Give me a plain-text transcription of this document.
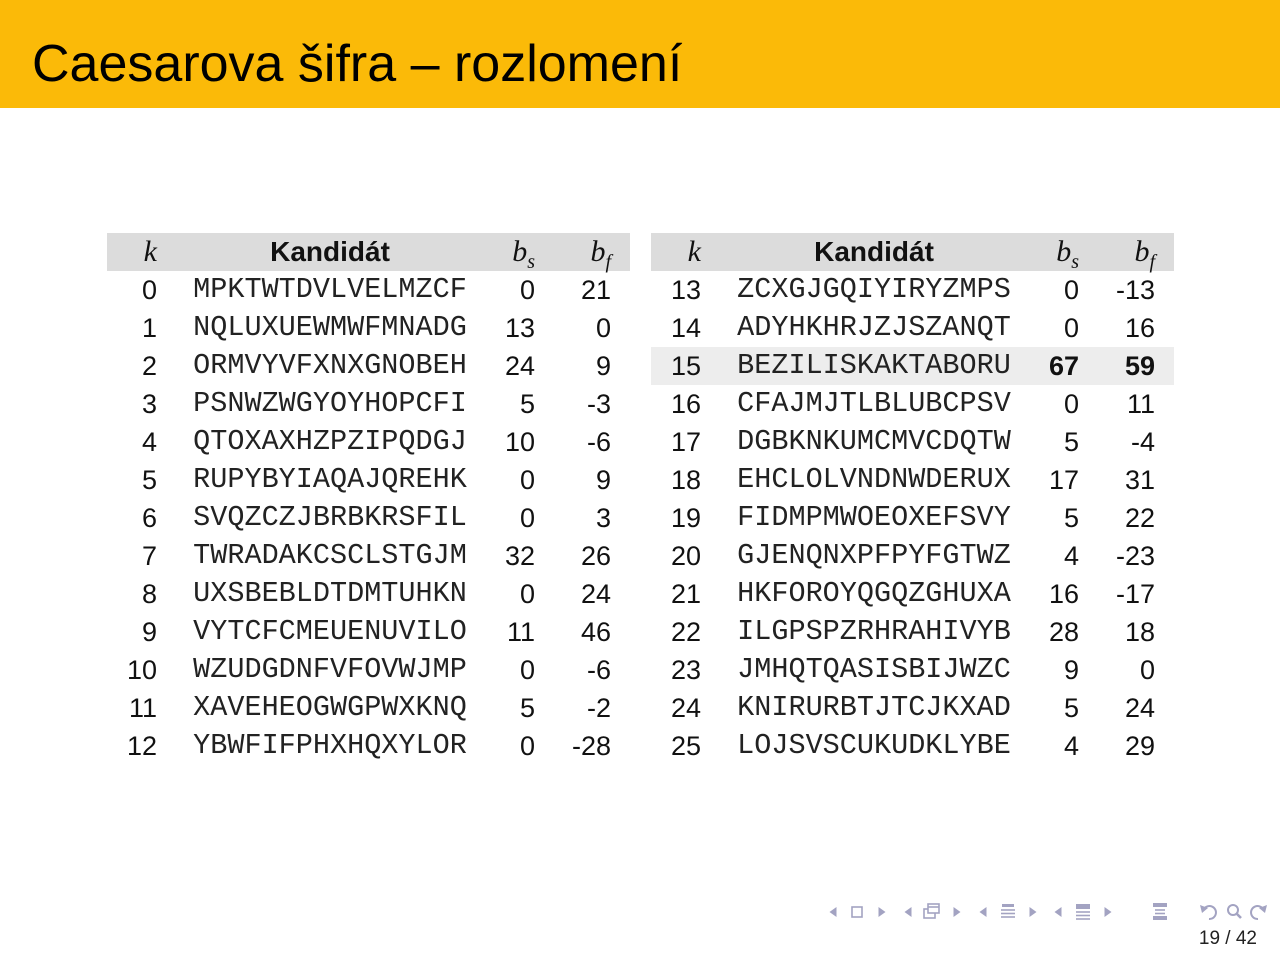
Caesarova šifra – rozlomení
k	Kandidát	bs	bf
0 MPKTWTDVLVELMZCF	0	21
1 NQLUXUEWMWFMNADG	13	0
2 ORMVYVFXNXGNOBEH	24	9
3 PSNWZWGYOYHOPCFI	5	-3
4 QTOXAXHZPZIPQDGJ	10	-6
5 RUPYBYIAQAJQREHK	0	9
6 SVQZCZJBRBKRSFIL	0	3
7 TWRADAKCSCLSTGJM	32	26
8 UXSBEBLDTDMTUHKN	0	24
9 VYTCFCMEUENUVILO	11	46
10 WZUDGDNFVFOVWJMP	0	-6
11 XAVEHEOGWGPWXKNQ	5	-2
12 YBWFIFPHXHQXYLOR	0	-28
k	Kandidát	bs	bf
13 ZCXGJGQIYIRYZMPS	0	-13
14 ADYHKHRJZJSZANQT	0	16
15 BEZILISKAKTABORU	67	59
16 CFAJMJTLBLUBCPSV	0	11
17 DGBKNKUMCMVCDQTW	5	-4
18 EHCLOLVNDNWDERUX	17	31
19 FIDMPMWOEOXEFSVY	5	22
20 GJENQNXPFPYFGTWZ	4	-23
21 HKFOROYQGQZGHUXA	16	-17
22 ILGPSPZRHRAHIVYB	28	18
23 JMHQTQASISBIJWZC	9	0
24 KNIRURBTJTCJKXAD	5	24
25 LOJSVSCUKUDKLYBE	4	29
19 / 42
